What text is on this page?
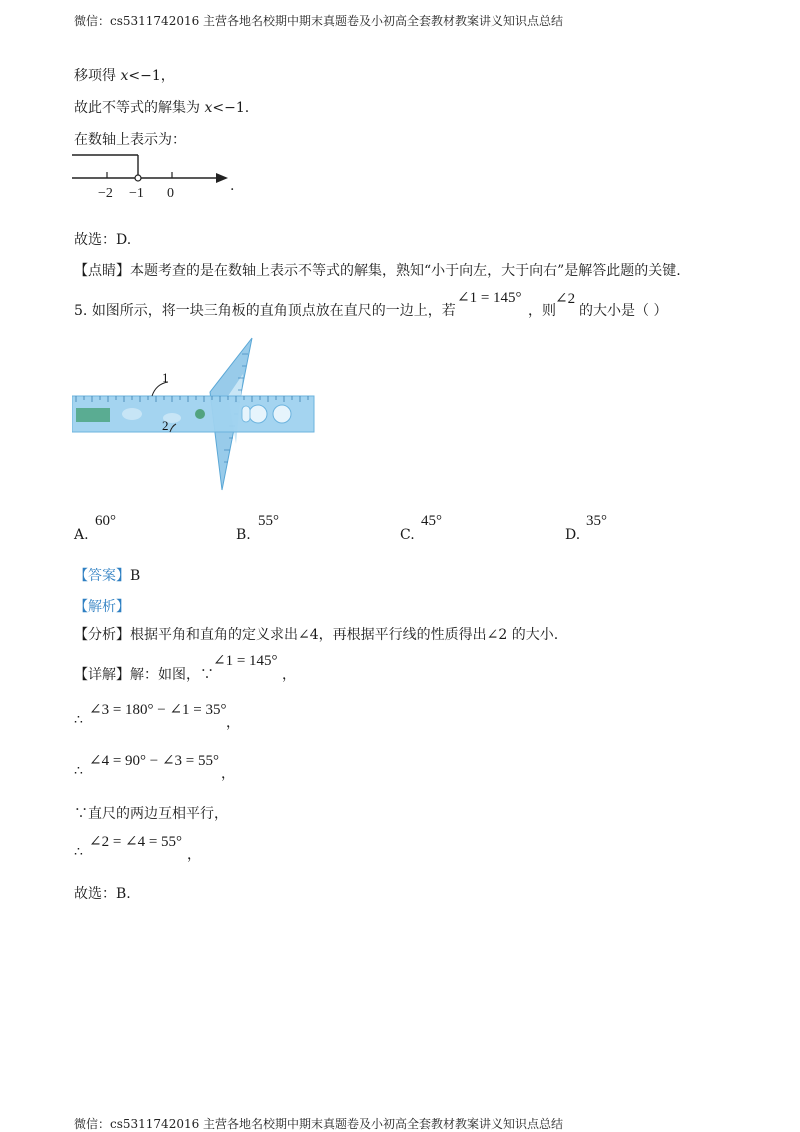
微信：cs5311742016 主营各地名校期中期末真题卷及小初高全套教材教案讲义知识点总结
移项得 x<−1，
故此不等式的解集为 x<−1.
在数轴上表示为：
−2 −1 0	.
故选：D.
【点睛】本题考查的是在数轴上表示不等式的解集，熟知“小于向左，大于向右”是解答此题的关键.
5. 如图所示，将一块三角板的直角顶点放在直尺的一边上，若
∠1 = 145°
，则
∠2
的大小是（ ）
1
2
A.
60°
B.
55°
C.
45°
D.
35°
【答案】B
【解析】
【分析】根据平角和直角的定义求出∠4，再根据平行线的性质得出∠2 的大小.
【详解】解：如图，∵
∠1 = 145°
，
∴
∠3 = 180° − ∠1 = 35°
，
∴
∠4 = 90° − ∠3 = 55°
，
∵直尺的两边互相平行，
∴
∠2 = ∠4 = 55°
，
故选：B.
微信：cs5311742016 主营各地名校期中期末真题卷及小初高全套教材教案讲义知识点总结
